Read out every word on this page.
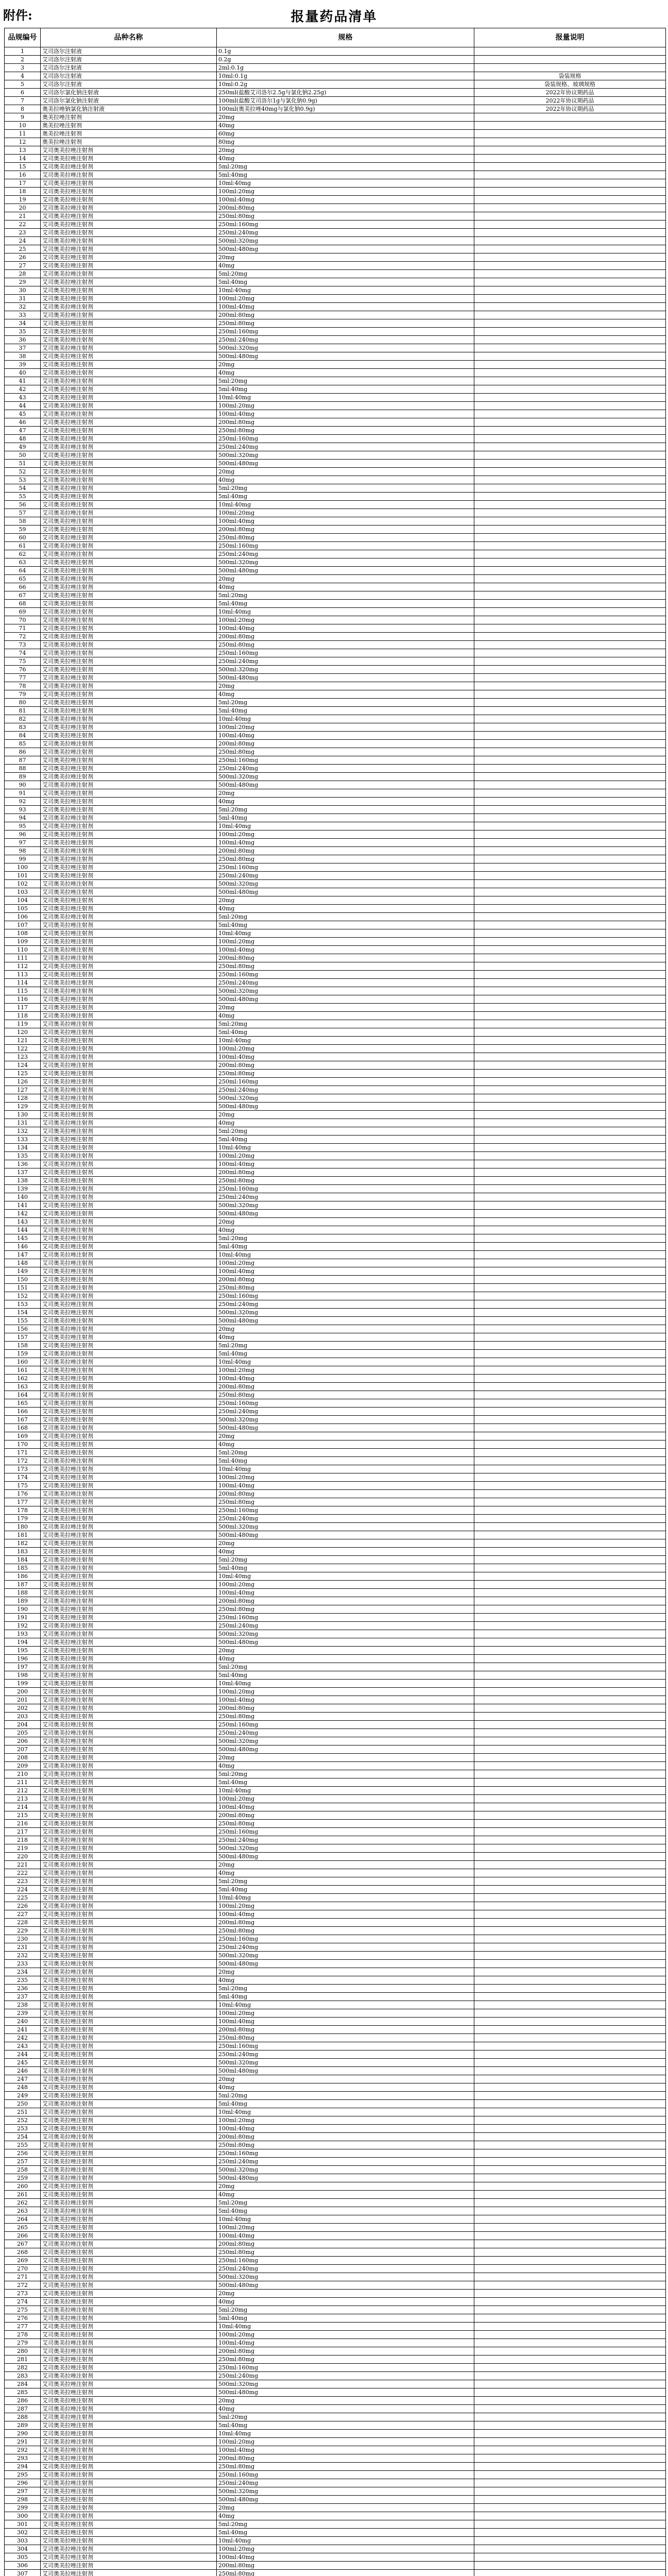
附件:	报量药品清单
品规编号	品种名称	规格	报量说明
1	艾司洛尔注射液	0.1g	
2	艾司洛尔注射液	0.2g	
3	艾司洛尔注射液	2ml:0.1g	
4	艾司洛尔注射液	10ml:0.1g	袋装规格
5	艾司洛尔注射液	10ml:0.2g	袋装规格、玻璃规格
6	艾司洛尔氯化钠注射液	250ml(盐酸艾司洛尔2.5g与氯化钠2.25g)	2022年协议期药品
7	艾司洛尔氯化钠注射液	100ml(盐酸艾司洛尔1g与氯化钠0.9g)	2022年协议期药品
8	奥美拉唑钠氯化钠注射液	100ml(奥美拉唑40mg与氯化钠0.9g)	2022年协议期药品
9	奥美拉唑注射剂	20mg	
10	奥美拉唑注射剂	40mg	
11	奥美拉唑注射剂	60mg	
12	奥美拉唑注射剂	80mg	
13	艾司奥美拉唑注射剂	20mg	
14	艾司奥美拉唑注射剂	40mg	
15	艾司奥美拉唑注射剂	5ml:20mg	
16	艾司奥美拉唑注射剂	5ml:40mg	
17	艾司奥美拉唑注射剂	10ml:40mg	
18	艾司奥美拉唑注射剂	100ml:20mg	
19	艾司奥美拉唑注射剂	100ml:40mg	
20	艾司奥美拉唑注射剂	200ml:80mg	
21	艾司奥美拉唑注射剂	250ml:80mg	
22	艾司奥美拉唑注射剂	250ml:160mg	
23	艾司奥美拉唑注射剂	250ml:240mg	
24	艾司奥美拉唑注射剂	500ml:320mg	
25	艾司奥美拉唑注射剂	500ml:480mg	
26	艾司奥美拉唑注射剂	20mg	
27	艾司奥美拉唑注射剂	40mg	
28	艾司奥美拉唑注射剂	5ml:20mg	
29	艾司奥美拉唑注射剂	5ml:40mg	
30	艾司奥美拉唑注射剂	10ml:40mg	
31	艾司奥美拉唑注射剂	100ml:20mg	
32	艾司奥美拉唑注射剂	100ml:40mg	
33	艾司奥美拉唑注射剂	200ml:80mg	
34	艾司奥美拉唑注射剂	250ml:80mg	
35	艾司奥美拉唑注射剂	250ml:160mg	
36	艾司奥美拉唑注射剂	250ml:240mg	
37	艾司奥美拉唑注射剂	500ml:320mg	
38	艾司奥美拉唑注射剂	500ml:480mg	
39	艾司奥美拉唑注射剂	20mg	
40	艾司奥美拉唑注射剂	40mg	
41	艾司奥美拉唑注射剂	5ml:20mg	
42	艾司奥美拉唑注射剂	5ml:40mg	
43	艾司奥美拉唑注射剂	10ml:40mg	
44	艾司奥美拉唑注射剂	100ml:20mg	
45	艾司奥美拉唑注射剂	100ml:40mg	
46	艾司奥美拉唑注射剂	200ml:80mg	
47	艾司奥美拉唑注射剂	250ml:80mg	
48	艾司奥美拉唑注射剂	250ml:160mg	
49	艾司奥美拉唑注射剂	250ml:240mg	
50	艾司奥美拉唑注射剂	500ml:320mg	
51	艾司奥美拉唑注射剂	500ml:480mg	
52	艾司奥美拉唑注射剂	20mg	
53	艾司奥美拉唑注射剂	40mg	
54	艾司奥美拉唑注射剂	5ml:20mg	
55	艾司奥美拉唑注射剂	5ml:40mg	
56	艾司奥美拉唑注射剂	10ml:40mg	
57	艾司奥美拉唑注射剂	100ml:20mg	
58	艾司奥美拉唑注射剂	100ml:40mg	
59	艾司奥美拉唑注射剂	200ml:80mg	
60	艾司奥美拉唑注射剂	250ml:80mg	
61	艾司奥美拉唑注射剂	250ml:160mg	
62	艾司奥美拉唑注射剂	250ml:240mg	
63	艾司奥美拉唑注射剂	500ml:320mg	
64	艾司奥美拉唑注射剂	500ml:480mg	
65	艾司奥美拉唑注射剂	20mg	
66	艾司奥美拉唑注射剂	40mg	
67	艾司奥美拉唑注射剂	5ml:20mg	
68	艾司奥美拉唑注射剂	5ml:40mg	
69	艾司奥美拉唑注射剂	10ml:40mg	
70	艾司奥美拉唑注射剂	100ml:20mg	
71	艾司奥美拉唑注射剂	100ml:40mg	
72	艾司奥美拉唑注射剂	200ml:80mg	
73	艾司奥美拉唑注射剂	250ml:80mg	
74	艾司奥美拉唑注射剂	250ml:160mg	
75	艾司奥美拉唑注射剂	250ml:240mg	
76	艾司奥美拉唑注射剂	500ml:320mg	
77	艾司奥美拉唑注射剂	500ml:480mg	
78	艾司奥美拉唑注射剂	20mg	
79	艾司奥美拉唑注射剂	40mg	
80	艾司奥美拉唑注射剂	5ml:20mg	
81	艾司奥美拉唑注射剂	5ml:40mg	
82	艾司奥美拉唑注射剂	10ml:40mg	
83	艾司奥美拉唑注射剂	100ml:20mg	
84	艾司奥美拉唑注射剂	100ml:40mg	
85	艾司奥美拉唑注射剂	200ml:80mg	
86	艾司奥美拉唑注射剂	250ml:80mg	
87	艾司奥美拉唑注射剂	250ml:160mg	
88	艾司奥美拉唑注射剂	250ml:240mg	
89	艾司奥美拉唑注射剂	500ml:320mg	
90	艾司奥美拉唑注射剂	500ml:480mg	
91	艾司奥美拉唑注射剂	20mg	
92	艾司奥美拉唑注射剂	40mg	
93	艾司奥美拉唑注射剂	5ml:20mg	
94	艾司奥美拉唑注射剂	5ml:40mg	
95	艾司奥美拉唑注射剂	10ml:40mg	
96	艾司奥美拉唑注射剂	100ml:20mg	
97	艾司奥美拉唑注射剂	100ml:40mg	
98	艾司奥美拉唑注射剂	200ml:80mg	
99	艾司奥美拉唑注射剂	250ml:80mg	
100	艾司奥美拉唑注射剂	250ml:160mg	
101	艾司奥美拉唑注射剂	250ml:240mg	
102	艾司奥美拉唑注射剂	500ml:320mg	
103	艾司奥美拉唑注射剂	500ml:480mg	
104	艾司奥美拉唑注射剂	20mg	
105	艾司奥美拉唑注射剂	40mg	
106	艾司奥美拉唑注射剂	5ml:20mg	
107	艾司奥美拉唑注射剂	5ml:40mg	
108	艾司奥美拉唑注射剂	10ml:40mg	
109	艾司奥美拉唑注射剂	100ml:20mg	
110	艾司奥美拉唑注射剂	100ml:40mg	
111	艾司奥美拉唑注射剂	200ml:80mg	
112	艾司奥美拉唑注射剂	250ml:80mg	
113	艾司奥美拉唑注射剂	250ml:160mg	
114	艾司奥美拉唑注射剂	250ml:240mg	
115	艾司奥美拉唑注射剂	500ml:320mg	
116	艾司奥美拉唑注射剂	500ml:480mg	
117	艾司奥美拉唑注射剂	20mg	
118	艾司奥美拉唑注射剂	40mg	
119	艾司奥美拉唑注射剂	5ml:20mg	
120	艾司奥美拉唑注射剂	5ml:40mg	
121	艾司奥美拉唑注射剂	10ml:40mg	
122	艾司奥美拉唑注射剂	100ml:20mg	
123	艾司奥美拉唑注射剂	100ml:40mg	
124	艾司奥美拉唑注射剂	200ml:80mg	
125	艾司奥美拉唑注射剂	250ml:80mg	
126	艾司奥美拉唑注射剂	250ml:160mg	
127	艾司奥美拉唑注射剂	250ml:240mg	
128	艾司奥美拉唑注射剂	500ml:320mg	
129	艾司奥美拉唑注射剂	500ml:480mg	
130	艾司奥美拉唑注射剂	20mg	
131	艾司奥美拉唑注射剂	40mg	
132	艾司奥美拉唑注射剂	5ml:20mg	
133	艾司奥美拉唑注射剂	5ml:40mg	
134	艾司奥美拉唑注射剂	10ml:40mg	
135	艾司奥美拉唑注射剂	100ml:20mg	
136	艾司奥美拉唑注射剂	100ml:40mg	
137	艾司奥美拉唑注射剂	200ml:80mg	
138	艾司奥美拉唑注射剂	250ml:80mg	
139	艾司奥美拉唑注射剂	250ml:160mg	
140	艾司奥美拉唑注射剂	250ml:240mg	
141	艾司奥美拉唑注射剂	500ml:320mg	
142	艾司奥美拉唑注射剂	500ml:480mg	
143	艾司奥美拉唑注射剂	20mg	
144	艾司奥美拉唑注射剂	40mg	
145	艾司奥美拉唑注射剂	5ml:20mg	
146	艾司奥美拉唑注射剂	5ml:40mg	
147	艾司奥美拉唑注射剂	10ml:40mg	
148	艾司奥美拉唑注射剂	100ml:20mg	
149	艾司奥美拉唑注射剂	100ml:40mg	
150	艾司奥美拉唑注射剂	200ml:80mg	
151	艾司奥美拉唑注射剂	250ml:80mg	
152	艾司奥美拉唑注射剂	250ml:160mg	
153	艾司奥美拉唑注射剂	250ml:240mg	
154	艾司奥美拉唑注射剂	500ml:320mg	
155	艾司奥美拉唑注射剂	500ml:480mg	
156	艾司奥美拉唑注射剂	20mg	
157	艾司奥美拉唑注射剂	40mg	
158	艾司奥美拉唑注射剂	5ml:20mg	
159	艾司奥美拉唑注射剂	5ml:40mg	
160	艾司奥美拉唑注射剂	10ml:40mg	
161	艾司奥美拉唑注射剂	100ml:20mg	
162	艾司奥美拉唑注射剂	100ml:40mg	
163	艾司奥美拉唑注射剂	200ml:80mg	
164	艾司奥美拉唑注射剂	250ml:80mg	
165	艾司奥美拉唑注射剂	250ml:160mg	
166	艾司奥美拉唑注射剂	250ml:240mg	
167	艾司奥美拉唑注射剂	500ml:320mg	
168	艾司奥美拉唑注射剂	500ml:480mg	
169	艾司奥美拉唑注射剂	20mg	
170	艾司奥美拉唑注射剂	40mg	
171	艾司奥美拉唑注射剂	5ml:20mg	
172	艾司奥美拉唑注射剂	5ml:40mg	
173	艾司奥美拉唑注射剂	10ml:40mg	
174	艾司奥美拉唑注射剂	100ml:20mg	
175	艾司奥美拉唑注射剂	100ml:40mg	
176	艾司奥美拉唑注射剂	200ml:80mg	
177	艾司奥美拉唑注射剂	250ml:80mg	
178	艾司奥美拉唑注射剂	250ml:160mg	
179	艾司奥美拉唑注射剂	250ml:240mg	
180	艾司奥美拉唑注射剂	500ml:320mg	
181	艾司奥美拉唑注射剂	500ml:480mg	
182	艾司奥美拉唑注射剂	20mg	
183	艾司奥美拉唑注射剂	40mg	
184	艾司奥美拉唑注射剂	5ml:20mg	
185	艾司奥美拉唑注射剂	5ml:40mg	
186	艾司奥美拉唑注射剂	10ml:40mg	
187	艾司奥美拉唑注射剂	100ml:20mg	
188	艾司奥美拉唑注射剂	100ml:40mg	
189	艾司奥美拉唑注射剂	200ml:80mg	
190	艾司奥美拉唑注射剂	250ml:80mg	
191	艾司奥美拉唑注射剂	250ml:160mg	
192	艾司奥美拉唑注射剂	250ml:240mg	
193	艾司奥美拉唑注射剂	500ml:320mg	
194	艾司奥美拉唑注射剂	500ml:480mg	
195	艾司奥美拉唑注射剂	20mg	
196	艾司奥美拉唑注射剂	40mg	
197	艾司奥美拉唑注射剂	5ml:20mg	
198	艾司奥美拉唑注射剂	5ml:40mg	
199	艾司奥美拉唑注射剂	10ml:40mg	
200	艾司奥美拉唑注射剂	100ml:20mg	
201	艾司奥美拉唑注射剂	100ml:40mg	
202	艾司奥美拉唑注射剂	200ml:80mg	
203	艾司奥美拉唑注射剂	250ml:80mg	
204	艾司奥美拉唑注射剂	250ml:160mg	
205	艾司奥美拉唑注射剂	250ml:240mg	
206	艾司奥美拉唑注射剂	500ml:320mg	
207	艾司奥美拉唑注射剂	500ml:480mg	
208	艾司奥美拉唑注射剂	20mg	
209	艾司奥美拉唑注射剂	40mg	
210	艾司奥美拉唑注射剂	5ml:20mg	
211	艾司奥美拉唑注射剂	5ml:40mg	
212	艾司奥美拉唑注射剂	10ml:40mg	
213	艾司奥美拉唑注射剂	100ml:20mg	
214	艾司奥美拉唑注射剂	100ml:40mg	
215	艾司奥美拉唑注射剂	200ml:80mg	
216	艾司奥美拉唑注射剂	250ml:80mg	
217	艾司奥美拉唑注射剂	250ml:160mg	
218	艾司奥美拉唑注射剂	250ml:240mg	
219	艾司奥美拉唑注射剂	500ml:320mg	
220	艾司奥美拉唑注射剂	500ml:480mg	
221	艾司奥美拉唑注射剂	20mg	
222	艾司奥美拉唑注射剂	40mg	
223	艾司奥美拉唑注射剂	5ml:20mg	
224	艾司奥美拉唑注射剂	5ml:40mg	
225	艾司奥美拉唑注射剂	10ml:40mg	
226	艾司奥美拉唑注射剂	100ml:20mg	
227	艾司奥美拉唑注射剂	100ml:40mg	
228	艾司奥美拉唑注射剂	200ml:80mg	
229	艾司奥美拉唑注射剂	250ml:80mg	
230	艾司奥美拉唑注射剂	250ml:160mg	
231	艾司奥美拉唑注射剂	250ml:240mg	
232	艾司奥美拉唑注射剂	500ml:320mg	
233	艾司奥美拉唑注射剂	500ml:480mg	
234	艾司奥美拉唑注射剂	20mg	
235	艾司奥美拉唑注射剂	40mg	
236	艾司奥美拉唑注射剂	5ml:20mg	
237	艾司奥美拉唑注射剂	5ml:40mg	
238	艾司奥美拉唑注射剂	10ml:40mg	
239	艾司奥美拉唑注射剂	100ml:20mg	
240	艾司奥美拉唑注射剂	100ml:40mg	
241	艾司奥美拉唑注射剂	200ml:80mg	
242	艾司奥美拉唑注射剂	250ml:80mg	
243	艾司奥美拉唑注射剂	250ml:160mg	
244	艾司奥美拉唑注射剂	250ml:240mg	
245	艾司奥美拉唑注射剂	500ml:320mg	
246	艾司奥美拉唑注射剂	500ml:480mg	
247	艾司奥美拉唑注射剂	20mg	
248	艾司奥美拉唑注射剂	40mg	
249	艾司奥美拉唑注射剂	5ml:20mg	
250	艾司奥美拉唑注射剂	5ml:40mg	
251	艾司奥美拉唑注射剂	10ml:40mg	
252	艾司奥美拉唑注射剂	100ml:20mg	
253	艾司奥美拉唑注射剂	100ml:40mg	
254	艾司奥美拉唑注射剂	200ml:80mg	
255	艾司奥美拉唑注射剂	250ml:80mg	
256	艾司奥美拉唑注射剂	250ml:160mg	
257	艾司奥美拉唑注射剂	250ml:240mg	
258	艾司奥美拉唑注射剂	500ml:320mg	
259	艾司奥美拉唑注射剂	500ml:480mg	
260	艾司奥美拉唑注射剂	20mg	
261	艾司奥美拉唑注射剂	40mg	
262	艾司奥美拉唑注射剂	5ml:20mg	
263	艾司奥美拉唑注射剂	5ml:40mg	
264	艾司奥美拉唑注射剂	10ml:40mg	
265	艾司奥美拉唑注射剂	100ml:20mg	
266	艾司奥美拉唑注射剂	100ml:40mg	
267	艾司奥美拉唑注射剂	200ml:80mg	
268	艾司奥美拉唑注射剂	250ml:80mg	
269	艾司奥美拉唑注射剂	250ml:160mg	
270	艾司奥美拉唑注射剂	250ml:240mg	
271	艾司奥美拉唑注射剂	500ml:320mg	
272	艾司奥美拉唑注射剂	500ml:480mg	
273	艾司奥美拉唑注射剂	20mg	
274	艾司奥美拉唑注射剂	40mg	
275	艾司奥美拉唑注射剂	5ml:20mg	
276	艾司奥美拉唑注射剂	5ml:40mg	
277	艾司奥美拉唑注射剂	10ml:40mg	
278	艾司奥美拉唑注射剂	100ml:20mg	
279	艾司奥美拉唑注射剂	100ml:40mg	
280	艾司奥美拉唑注射剂	200ml:80mg	
281	艾司奥美拉唑注射剂	250ml:80mg	
282	艾司奥美拉唑注射剂	250ml:160mg	
283	艾司奥美拉唑注射剂	250ml:240mg	
284	艾司奥美拉唑注射剂	500ml:320mg	
285	艾司奥美拉唑注射剂	500ml:480mg	
286	艾司奥美拉唑注射剂	20mg	
287	艾司奥美拉唑注射剂	40mg	
288	艾司奥美拉唑注射剂	5ml:20mg	
289	艾司奥美拉唑注射剂	5ml:40mg	
290	艾司奥美拉唑注射剂	10ml:40mg	
291	艾司奥美拉唑注射剂	100ml:20mg	
292	艾司奥美拉唑注射剂	100ml:40mg	
293	艾司奥美拉唑注射剂	200ml:80mg	
294	艾司奥美拉唑注射剂	250ml:80mg	
295	艾司奥美拉唑注射剂	250ml:160mg	
296	艾司奥美拉唑注射剂	250ml:240mg	
297	艾司奥美拉唑注射剂	500ml:320mg	
298	艾司奥美拉唑注射剂	500ml:480mg	
299	艾司奥美拉唑注射剂	20mg	
300	艾司奥美拉唑注射剂	40mg	
301	艾司奥美拉唑注射剂	5ml:20mg	
302	艾司奥美拉唑注射剂	5ml:40mg	
303	艾司奥美拉唑注射剂	10ml:40mg	
304	艾司奥美拉唑注射剂	100ml:20mg	
305	艾司奥美拉唑注射剂	100ml:40mg	
306	艾司奥美拉唑注射剂	200ml:80mg	
307	艾司奥美拉唑注射剂	250ml:80mg	
